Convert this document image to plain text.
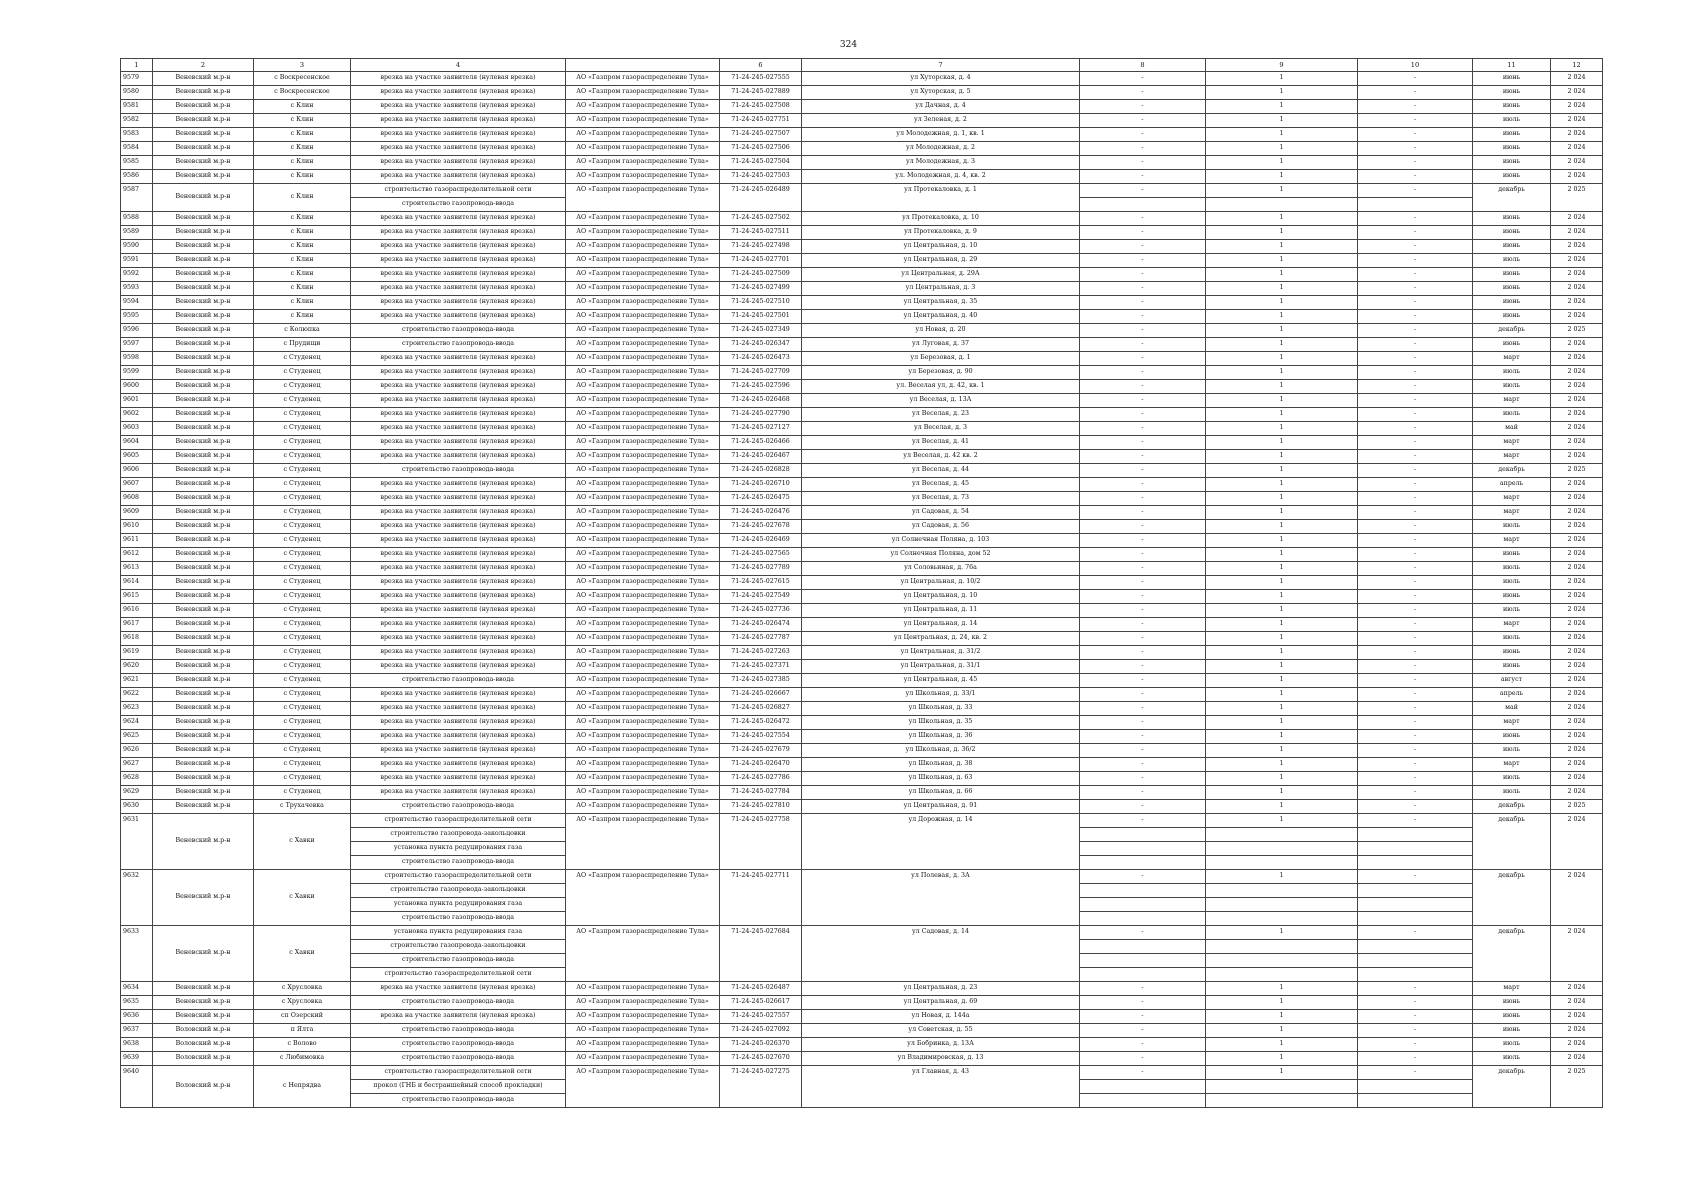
324
1	2	3	4		6	7	8	9	10	11	12
9579	Веневский м.р-н	с Воскресенское	врезка на участке заявителя (нулевая врезка)	АО «Газпром газораспределение Тула»	71-24-245-027555	ул Хуторская, д. 4	-	1	-	июнь	2 024
9580	Веневский м.р-н	с Воскресенское	врезка на участке заявителя (нулевая врезка)	АО «Газпром газораспределение Тула»	71-24-245-027889	ул Хуторская, д. 5	-	1	-	июнь	2 024
9581	Веневский м.р-н	с Клин	врезка на участке заявителя (нулевая врезка)	АО «Газпром газораспределение Тула»	71-24-245-027508	ул Дачная, д. 4	-	1	-	июнь	2 024
9582	Веневский м.р-н	с Клин	врезка на участке заявителя (нулевая врезка)	АО «Газпром газораспределение Тула»	71-24-245-027751	ул Зеленая, д. 2	-	1	-	июль	2 024
9583	Веневский м.р-н	с Клин	врезка на участке заявителя (нулевая врезка)	АО «Газпром газораспределение Тула»	71-24-245-027507	ул Молодежная, д. 1, кв. 1	-	1	-	июнь	2 024
9584	Веневский м.р-н	с Клин	врезка на участке заявителя (нулевая врезка)	АО «Газпром газораспределение Тула»	71-24-245-027506	ул Молодежная, д. 2	-	1	-	июнь	2 024
9585	Веневский м.р-н	с Клин	врезка на участке заявителя (нулевая врезка)	АО «Газпром газораспределение Тула»	71-24-245-027504	ул Молодежная, д. 3	-	1	-	июнь	2 024
9586	Веневский м.р-н	с Клин	врезка на участке заявителя (нулевая врезка)	АО «Газпром газораспределение Тула»	71-24-245-027503	ул. Молодежная, д. 4, кв. 2	-	1	-	июнь	2 024
9587	Веневский м.р-н	с Клин	строительство газораспределительной сети	АО «Газпром газораспределение Тула»	71-24-245-026489	ул Протекаловка, д. 1	-	1	-	декабрь	2 025
			строительство газопровода-ввода								
9588	Веневский м.р-н	с Клин	врезка на участке заявителя (нулевая врезка)	АО «Газпром газораспределение Тула»	71-24-245-027502	ул Протекаловка, д. 10	-	1	-	июнь	2 024
9589	Веневский м.р-н	с Клин	врезка на участке заявителя (нулевая врезка)	АО «Газпром газораспределение Тула»	71-24-245-027511	ул Протекаловка, д. 9	-	1	-	июнь	2 024
9590	Веневский м.р-н	с Клин	врезка на участке заявителя (нулевая врезка)	АО «Газпром газораспределение Тула»	71-24-245-027498	ул Центральная, д. 10	-	1	-	июнь	2 024
9591	Веневский м.р-н	с Клин	врезка на участке заявителя (нулевая врезка)	АО «Газпром газораспределение Тула»	71-24-245-027701	ул Центральная, д. 29	-	1	-	июль	2 024
9592	Веневский м.р-н	с Клин	врезка на участке заявителя (нулевая врезка)	АО «Газпром газораспределение Тула»	71-24-245-027509	ул Центральная, д. 29А	-	1	-	июнь	2 024
9593	Веневский м.р-н	с Клин	врезка на участке заявителя (нулевая врезка)	АО «Газпром газораспределение Тула»	71-24-245-027499	ул Центральная, д. 3	-	1	-	июнь	2 024
9594	Веневский м.р-н	с Клин	врезка на участке заявителя (нулевая врезка)	АО «Газпром газораспределение Тула»	71-24-245-027510	ул Центральная, д. 35	-	1	-	июнь	2 024
9595	Веневский м.р-н	с Клин	врезка на участке заявителя (нулевая врезка)	АО «Газпром газораспределение Тула»	71-24-245-027501	ул Центральная, д. 40	-	1	-	июнь	2 024
9596	Веневский м.р-н	с Колюпка	строительство газопровода-ввода	АО «Газпром газораспределение Тула»	71-24-245-027349	ул Новая, д. 20	-	1	-	декабрь	2 025
9597	Веневский м.р-н	с Прудищи	строительство газопровода-ввода	АО «Газпром газораспределение Тула»	71-24-245-026347	ул Луговая, д. 37	-	1	-	июнь	2 024
9598	Веневский м.р-н	с Студенец	врезка на участке заявителя (нулевая врезка)	АО «Газпром газораспределение Тула»	71-24-245-026473	ул Березовая, д. 1	-	1	-	март	2 024
9599	Веневский м.р-н	с Студенец	врезка на участке заявителя (нулевая врезка)	АО «Газпром газораспределение Тула»	71-24-245-027709	ул Березовая, д. 90	-	1	-	июль	2 024
9600	Веневский м.р-н	с Студенец	врезка на участке заявителя (нулевая врезка)	АО «Газпром газораспределение Тула»	71-24-245-027596	ул. Веселая ул, д. 42, кв. 1	-	1	-	июль	2 024
9601	Веневский м.р-н	с Студенец	врезка на участке заявителя (нулевая врезка)	АО «Газпром газораспределение Тула»	71-24-245-026468	ул Веселая, д. 13А	-	1	-	март	2 024
9602	Веневский м.р-н	с Студенец	врезка на участке заявителя (нулевая врезка)	АО «Газпром газораспределение Тула»	71-24-245-027790	ул Веселая, д. 23	-	1	-	июль	2 024
9603	Веневский м.р-н	с Студенец	врезка на участке заявителя (нулевая врезка)	АО «Газпром газораспределение Тула»	71-24-245-027127	ул Веселая, д. 3	-	1	-	май	2 024
9604	Веневский м.р-н	с Студенец	врезка на участке заявителя (нулевая врезка)	АО «Газпром газораспределение Тула»	71-24-245-026466	ул Веселая, д. 41	-	1	-	март	2 024
9605	Веневский м.р-н	с Студенец	врезка на участке заявителя (нулевая врезка)	АО «Газпром газораспределение Тула»	71-24-245-026467	ул Веселая, д. 42 кв. 2	-	1	-	март	2 024
9606	Веневский м.р-н	с Студенец	строительство газопровода-ввода	АО «Газпром газораспределение Тула»	71-24-245-026828	ул Веселая, д. 44	-	1	-	декабрь	2 025
9607	Веневский м.р-н	с Студенец	врезка на участке заявителя (нулевая врезка)	АО «Газпром газораспределение Тула»	71-24-245-026710	ул Веселая, д. 45	-	1	-	апрель	2 024
9608	Веневский м.р-н	с Студенец	врезка на участке заявителя (нулевая врезка)	АО «Газпром газораспределение Тула»	71-24-245-026475	ул Веселая, д. 73	-	1	-	март	2 024
9609	Веневский м.р-н	с Студенец	врезка на участке заявителя (нулевая врезка)	АО «Газпром газораспределение Тула»	71-24-245-026476	ул Садовая, д. 54	-	1	-	март	2 024
9610	Веневский м.р-н	с Студенец	врезка на участке заявителя (нулевая врезка)	АО «Газпром газораспределение Тула»	71-24-245-027678	ул Садовая, д. 56	-	1	-	июль	2 024
9611	Веневский м.р-н	с Студенец	врезка на участке заявителя (нулевая врезка)	АО «Газпром газораспределение Тула»	71-24-245-026469	ул Солнечная Поляна, д. 103	-	1	-	март	2 024
9612	Веневский м.р-н	с Студенец	врезка на участке заявителя (нулевая врезка)	АО «Газпром газораспределение Тула»	71-24-245-027565	ул Солнечная Поляна, дом 52	-	1	-	июнь	2 024
9613	Веневский м.р-н	с Студенец	врезка на участке заявителя (нулевая врезка)	АО «Газпром газораспределение Тула»	71-24-245-027789	ул Соловьиная, д. 76а	-	1	-	июль	2 024
9614	Веневский м.р-н	с Студенец	врезка на участке заявителя (нулевая врезка)	АО «Газпром газораспределение Тула»	71-24-245-027615	ул Центральная, д. 10/2	-	1	-	июль	2 024
9615	Веневский м.р-н	с Студенец	врезка на участке заявителя (нулевая врезка)	АО «Газпром газораспределение Тула»	71-24-245-027549	ул Центральная, д. 10	-	1	-	июнь	2 024
9616	Веневский м.р-н	с Студенец	врезка на участке заявителя (нулевая врезка)	АО «Газпром газораспределение Тула»	71-24-245-027736	ул Центральная, д. 11	-	1	-	июль	2 024
9617	Веневский м.р-н	с Студенец	врезка на участке заявителя (нулевая врезка)	АО «Газпром газораспределение Тула»	71-24-245-026474	ул Центральная, д. 14	-	1	-	март	2 024
9618	Веневский м.р-н	с Студенец	врезка на участке заявителя (нулевая врезка)	АО «Газпром газораспределение Тула»	71-24-245-027787	ул Центральная, д. 24, кв. 2	-	1	-	июль	2 024
9619	Веневский м.р-н	с Студенец	врезка на участке заявителя (нулевая врезка)	АО «Газпром газораспределение Тула»	71-24-245-027263	ул Центральная, д. 31/2	-	1	-	июнь	2 024
9620	Веневский м.р-н	с Студенец	врезка на участке заявителя (нулевая врезка)	АО «Газпром газораспределение Тула»	71-24-245-027371	ул Центральная, д. 31/1	-	1	-	июнь	2 024
9621	Веневский м.р-н	с Студенец	строительство газопровода-ввода	АО «Газпром газораспределение Тула»	71-24-245-027385	ул Центральная, д. 45	-	1	-	август	2 024
9622	Веневский м.р-н	с Студенец	врезка на участке заявителя (нулевая врезка)	АО «Газпром газораспределение Тула»	71-24-245-026667	ул Школьная, д. 33/1	-	1	-	апрель	2 024
9623	Веневский м.р-н	с Студенец	врезка на участке заявителя (нулевая врезка)	АО «Газпром газораспределение Тула»	71-24-245-026827	ул Школьная, д. 33	-	1	-	май	2 024
9624	Веневский м.р-н	с Студенец	врезка на участке заявителя (нулевая врезка)	АО «Газпром газораспределение Тула»	71-24-245-026472	ул Школьная, д. 35	-	1	-	март	2 024
9625	Веневский м.р-н	с Студенец	врезка на участке заявителя (нулевая врезка)	АО «Газпром газораспределение Тула»	71-24-245-027554	ул Школьная, д. 36	-	1	-	июнь	2 024
9626	Веневский м.р-н	с Студенец	врезка на участке заявителя (нулевая врезка)	АО «Газпром газораспределение Тула»	71-24-245-027679	ул Школьная, д. 36/2	-	1	-	июль	2 024
9627	Веневский м.р-н	с Студенец	врезка на участке заявителя (нулевая врезка)	АО «Газпром газораспределение Тула»	71-24-245-026470	ул Школьная, д. 38	-	1	-	март	2 024
9628	Веневский м.р-н	с Студенец	врезка на участке заявителя (нулевая врезка)	АО «Газпром газораспределение Тула»	71-24-245-027786	ул Школьная, д. 63	-	1	-	июль	2 024
9629	Веневский м.р-н	с Студенец	врезка на участке заявителя (нулевая врезка)	АО «Газпром газораспределение Тула»	71-24-245-027784	ул Школьная, д. 66	-	1	-	июль	2 024
9630	Веневский м.р-н	с Трухачевка	строительство газопровода-ввода	АО «Газпром газораспределение Тула»	71-24-245-027810	ул Центральная, д. 91	-	1	-	декабрь	2 025
9631	Веневский м.р-н	с Хавки	строительство газораспределительной сети	АО «Газпром газораспределение Тула»	71-24-245-027758	ул Дорожная, д. 14	-	1	-	декабрь	2 024
			строительство газопровода-закольцовки								
			установка пункта редуцирования газа								
			строительство газопровода-ввода								
9632	Веневский м.р-н	с Хавки	строительство газораспределительной сети	АО «Газпром газораспределение Тула»	71-24-245-027711	ул Полевая, д. 3А	-	1	-	декабрь	2 024
			строительство газопровода-закольцовки								
			установка пункта редуцирования газа								
			строительство газопровода-ввода								
9633	Веневский м.р-н	с Хавки	установка пункта редуцирования газа	АО «Газпром газораспределение Тула»	71-24-245-027684	ул Садовая, д. 14	-	1	-	декабрь	2 024
			строительство газопровода-закольцовки								
			строительство газопровода-ввода								
			строительство газораспределительной сети								
9634	Веневский м.р-н	с Хрусловка	врезка на участке заявителя (нулевая врезка)	АО «Газпром газораспределение Тула»	71-24-245-026487	ул Центральная, д. 23	-	1	-	март	2 024
9635	Веневский м.р-н	с Хрусловка	строительство газопровода-ввода	АО «Газпром газораспределение Тула»	71-24-245-026617	ул Центральная, д. 69	-	1	-	июнь	2 024
9636	Веневский м.р-н	сп Озерский	врезка на участке заявителя (нулевая врезка)	АО «Газпром газораспределение Тула»	71-24-245-027557	ул Новая, д. 144а	-	1	-	июнь	2 024
9637	Воловский м.р-н	п Ялта	строительство газопровода-ввода	АО «Газпром газораспределение Тула»	71-24-245-027092	ул Советская, д. 55	-	1	-	июнь	2 024
9638	Воловский м.р-н	с Волово	строительство газопровода-ввода	АО «Газпром газораспределение Тула»	71-24-245-026370	ул Бобринка, д. 13А	-	1	-	июль	2 024
9639	Воловский м.р-н	с Любимовка	строительство газопровода-ввода	АО «Газпром газораспределение Тула»	71-24-245-027670	ул Владимировская, д. 13	-	1	-	июль	2 024
9640	Воловский м.р-н	с Непрядва	строительство газораспределительной сети	АО «Газпром газораспределение Тула»	71-24-245-027275	ул Главная, д. 43	-	1	-	декабрь	2 025
			прокол (ГНБ и бестраншейный способ прокладки)								
			строительство газопровода-ввода								
